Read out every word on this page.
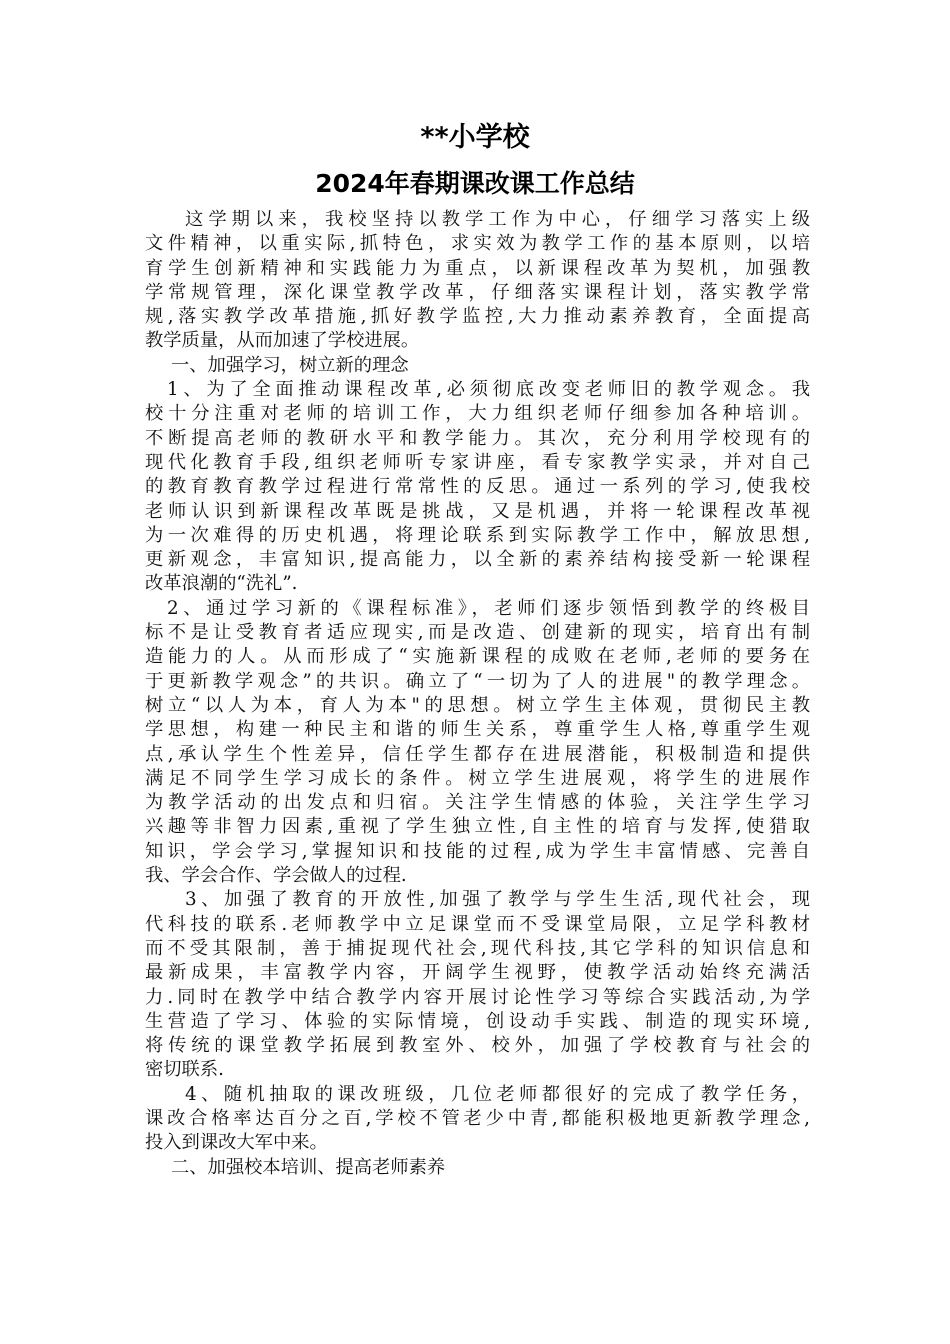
**小学校
2024年春期课改课工作总结
这学期以来，我校坚持以教学工作为中心，仔细学习落实上级
文件精神，以重实际,抓特色，求实效为教学工作的基本原则，以培
育学生创新精神和实践能力为重点，以新课程改革为契机，加强教
学常规管理，深化课堂教学改革，仔细落实课程计划，落实教学常
规,落实教学改革措施,抓好教学监控,大力推动素养教育，全面提高
教学质量，从而加速了学校进展。
一、加强学习，树立新的理念
1、为了全面推动课程改革,必须彻底改变老师旧的教学观念。我
校十分注重对老师的培训工作，大力组织老师仔细参加各种培训。
不断提高老师的教研水平和教学能力。其次，充分利用学校现有的
现代化教育手段,组织老师听专家讲座，看专家教学实录，并对自己
的教育教育教学过程进行常常性的反思。通过一系列的学习,使我校
老师认识到新课程改革既是挑战，又是机遇，并将一轮课程改革视
为一次难得的历史机遇，将理论联系到实际教学工作中，解放思想,
更新观念，丰富知识,提高能力，以全新的素养结构接受新一轮课程
改革浪潮的“洗礼”.
2、通过学习新的《课程标准》，老师们逐步领悟到教学的终极目
标不是让受教育者适应现实,而是改造、创建新的现实，培育出有制
造能力的人。从而形成了“实施新课程的成败在老师,老师的要务在
于更新教学观念”的共识。确立了“一切为了人的进展"的教学理念。
树立“以人为本，育人为本"的思想。树立学生主体观，贯彻民主教
学思想，构建一种民主和谐的师生关系，尊重学生人格,尊重学生观
点,承认学生个性差异，信任学生都存在进展潜能，积极制造和提供
满足不同学生学习成长的条件。树立学生进展观，将学生的进展作
为教学活动的出发点和归宿。关注学生情感的体验，关注学生学习
兴趣等非智力因素,重视了学生独立性,自主性的培育与发挥,使猎取
知识，学会学习,掌握知识和技能的过程,成为学生丰富情感、完善自
我、学会合作、学会做人的过程.
3、加强了教育的开放性,加强了教学与学生生活,现代社会，现
代科技的联系.老师教学中立足课堂而不受课堂局限，立足学科教材
而不受其限制，善于捕捉现代社会,现代科技,其它学科的知识信息和
最新成果，丰富教学内容，开阔学生视野，使教学活动始终充满活
力.同时在教学中结合教学内容开展讨论性学习等综合实践活动,为学
生营造了学习、体验的实际情境，创设动手实践、制造的现实环境,
将传统的课堂教学拓展到教室外、校外，加强了学校教育与社会的
密切联系.
4、随机抽取的课改班级，几位老师都很好的完成了教学任务，
课改合格率达百分之百,学校不管老少中青,都能积极地更新教学理念,
投入到课改大军中来。
二、加强校本培训、提高老师素养
